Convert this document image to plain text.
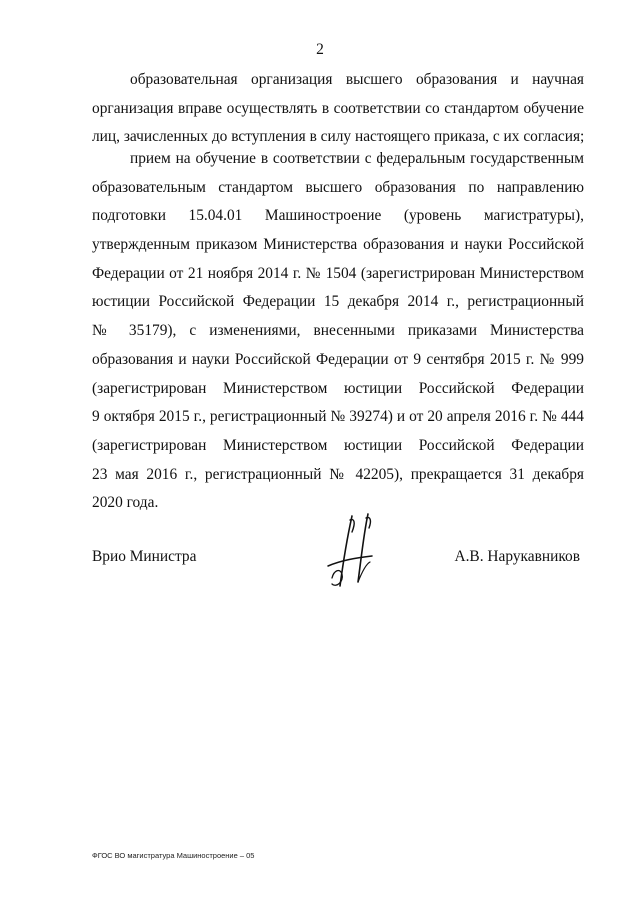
2
образовательная организация высшего образования и научная
организация вправе осуществлять в соответствии со стандартом обучение
лиц, зачисленных до вступления в силу настоящего приказа, с их согласия;
прием на обучение в соответствии с федеральным государственным
образовательным стандартом высшего образования по направлению
подготовки 15.04.01 Машиностроение (уровень магистратуры),
утвержденным приказом Министерства образования и науки Российской
Федерации от 21 ноября 2014 г. № 1504 (зарегистрирован Министерством
юстиции Российской Федерации 15 декабря 2014 г., регистрационный
№ 35179), с изменениями, внесенными приказами Министерства
образования и науки Российской Федерации от 9 сентября 2015 г. № 999
(зарегистрирован Министерством юстиции Российской Федерации
9 октября 2015 г., регистрационный № 39274) и от 20 апреля 2016 г. № 444
(зарегистрирован Министерством юстиции Российской Федерации
23 мая 2016 г., регистрационный № 42205), прекращается 31 декабря
2020 года.
Врио Министра	А.В. Нарукавников
ФГОС ВО магистратура Машиностроение – 05
